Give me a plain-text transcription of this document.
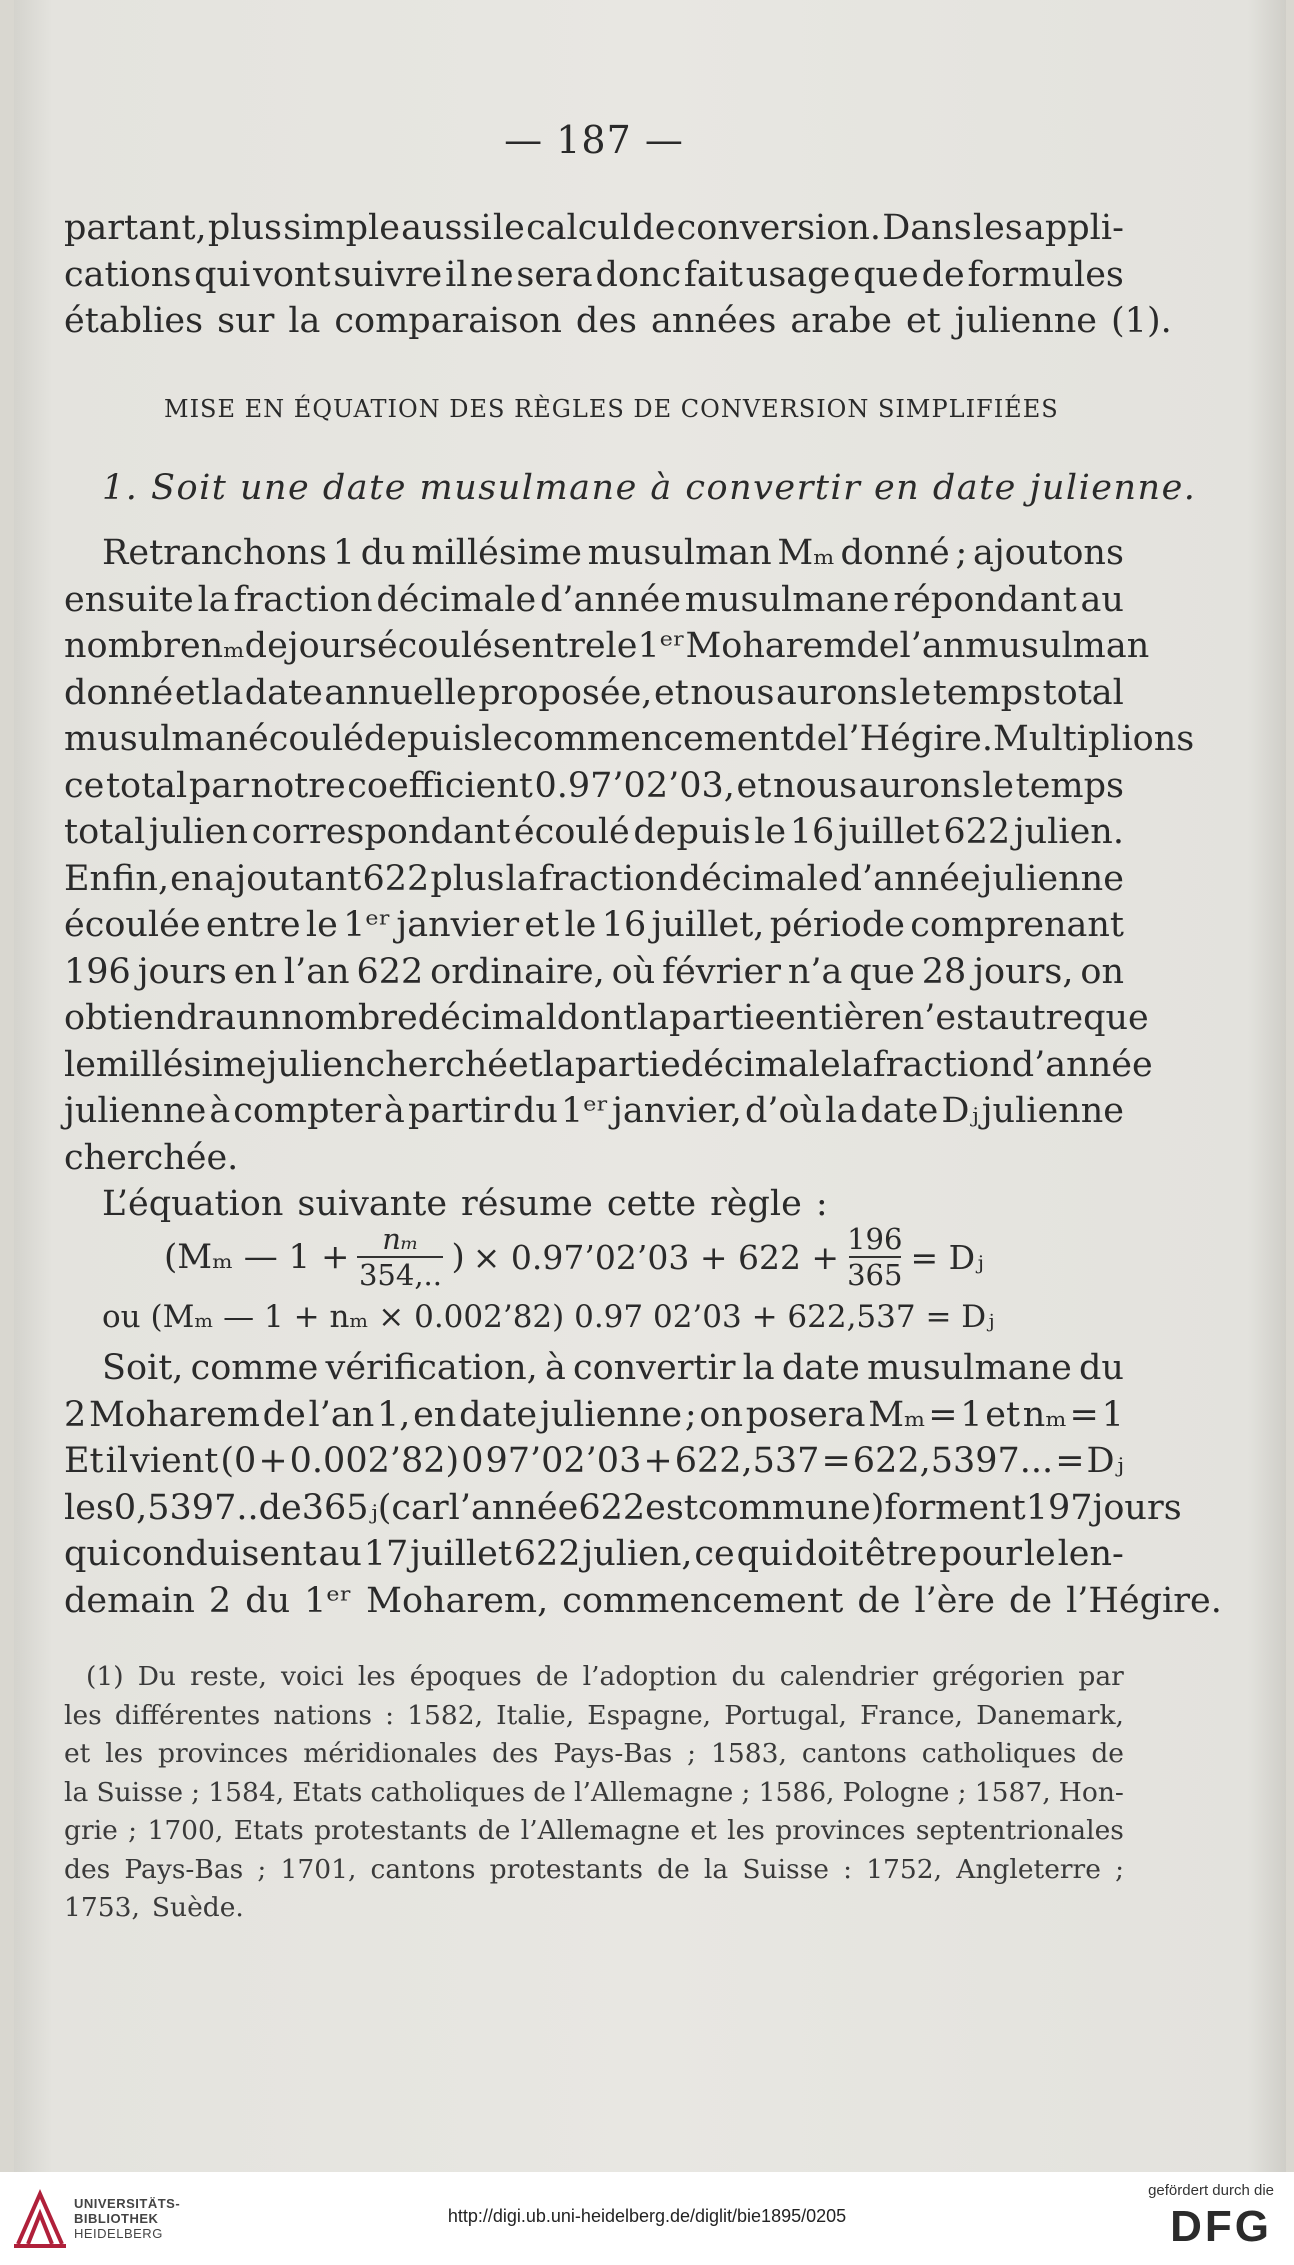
— 187 —
partant, plus simple aussi le calcul de conversion. Dans les appli-
cations qui vont suivre il ne sera donc fait usage que de formules
établies sur la comparaison des années arabe et julienne (1).
MISE EN ÉQUATION DES RÈGLES DE CONVERSION SIMPLIFIÉES
1. Soit une date musulmane à convertir en date julienne.
Retranchons 1 du millésime musulman Mₘ donné ; ajoutons
ensuite la fraction décimale d’année musulmane répondant au
nombre nₘ de jours écoulés entre le 1ᵉʳ Moharem de l’an musulman
donné et la date annuelle proposée, et nous aurons le temps total
musulman écoulé depuis le commencement de l’Hégire. Multiplions
ce total par notre coefficient 0.97’02’03, et nous aurons le temps
total julien correspondant écoulé depuis le 16 juillet 622 julien.
Enfin, en ajoutant 622 plus la fraction décimale d’année julienne
écoulée entre le 1ᵉʳ janvier et le 16 juillet, période comprenant
196 jours en l’an 622 ordinaire, où février n’a que 28 jours, on
obtiendra un nombre décimal dont la partie entière n’est autre que
le millésime julien cherché et la partie décimale la fraction d’année
julienne à compter à partir du 1ᵉʳ janvier, d’où la date Dⱼ julienne
cherchée.
L’équation suivante résume cette règle :
(Mₘ — 1 + nₘ
354,.. ) × 0.97’02’03 + 622 + 196
365 = Dⱼ
ou (Mₘ — 1 + nₘ × 0.002’82) 0.97 02’03 + 622,537 = Dⱼ
Soit, comme vérification, à convertir la date musulmane du
2 Moharem de l’an 1, en date julienne ; on posera Mₘ = 1 et nₘ = 1
Et il vient (0 + 0.002’82) 0 97’02’03 + 622,537 = 622,5397... = Dⱼ
les 0,5397.. de 365ⱼ (car l’année 622 est commune) forment 197 jours
qui conduisent au 17 juillet 622 julien, ce qui doit être pour le len-
demain 2 du 1ᵉʳ Moharem, commencement de l’ère de l’Hégire.
(1) Du reste, voici les époques de l’adoption du calendrier grégorien par
les différentes nations : 1582, Italie, Espagne, Portugal, France, Danemark,
et les provinces méridionales des Pays-Bas ; 1583, cantons catholiques de
la Suisse ; 1584, Etats catholiques de l’Allemagne ; 1586, Pologne ; 1587, Hon-
grie ; 1700, Etats protestants de l’Allemagne et les provinces septentrionales
des Pays-Bas ; 1701, cantons protestants de la Suisse : 1752, Angleterre ;
1753, Suède.
UNIVERSITÄTS-
BIBLIOTHEK
HEIDELBERG
http://digi.ub.uni-heidelberg.de/diglit/bie1895/0205
gefördert durch die
DFG
